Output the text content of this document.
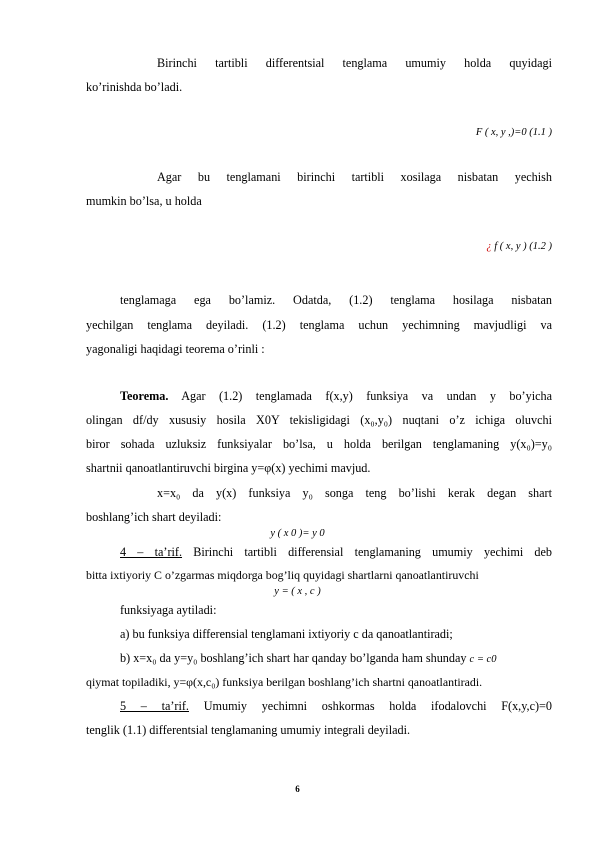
Birinchi tartibli differentsial tenglama umumiy holda quyidagi
ko’rinishda bo’ladi.
F ( x, y ,)=0 (1.1 )
Agar bu tenglamani birinchi tartibli xosilaga nisbatan yechish
mumkin bo’lsa, u holda
¿ f ( x, y ) (1.2 )
tenglamaga ega bo’lamiz. Odatda, (1.2) tenglama hosilaga nisbatan
yechilgan tenglama deyiladi. (1.2) tenglama uchun yechimning mavjudligi va
yagonaligi haqidagi teorema o’rinli :
Teorema. Agar (1.2) tenglamada f(x,y) funksiya va undan y bo’yicha
olingan df/dy xususiy hosila X0Y tekisligidagi (x₀,y₀) nuqtani o’z ichiga oluvchi
biror sohada uzluksiz funksiyalar bo’lsa, u holda berilgan tenglamaning y(x₀)=y₀
shartnii qanoatlantiruvchi birgina y=φ(x) yechimi mavjud.
x=x₀ da y(x) funksiya y₀ songa teng bo’lishi kerak degan shart
boshlang’ich shart deyiladi:
y ( x 0 )= y 0
4 – ta’rif. Birinchi tartibli differensial tenglamaning umumiy yechimi deb
bitta ixtiyoriy C o’zgarmas miqdorga bog’liq quyidagi shartlarni qanoatlantiruvchi
y = ( x , c )
funksiyaga aytiladi:
a) bu funksiya differensial tenglamani ixtiyoriy c da qanoatlantiradi;
b) x=x₀ da y=y₀ boshlang’ich shart har qanday bo’lganda ham shunday c = c0
qiymat topiladiki, y=φ(x,c₀) funksiya berilgan boshlang’ich shartni qanoatlantiradi.
5 – ta’rif. Umumiy yechimni oshkormas holda ifodalovchi F(x,y,c)=0
tenglik (1.1) differentsial tenglamaning umumiy integrali deyiladi.
6
